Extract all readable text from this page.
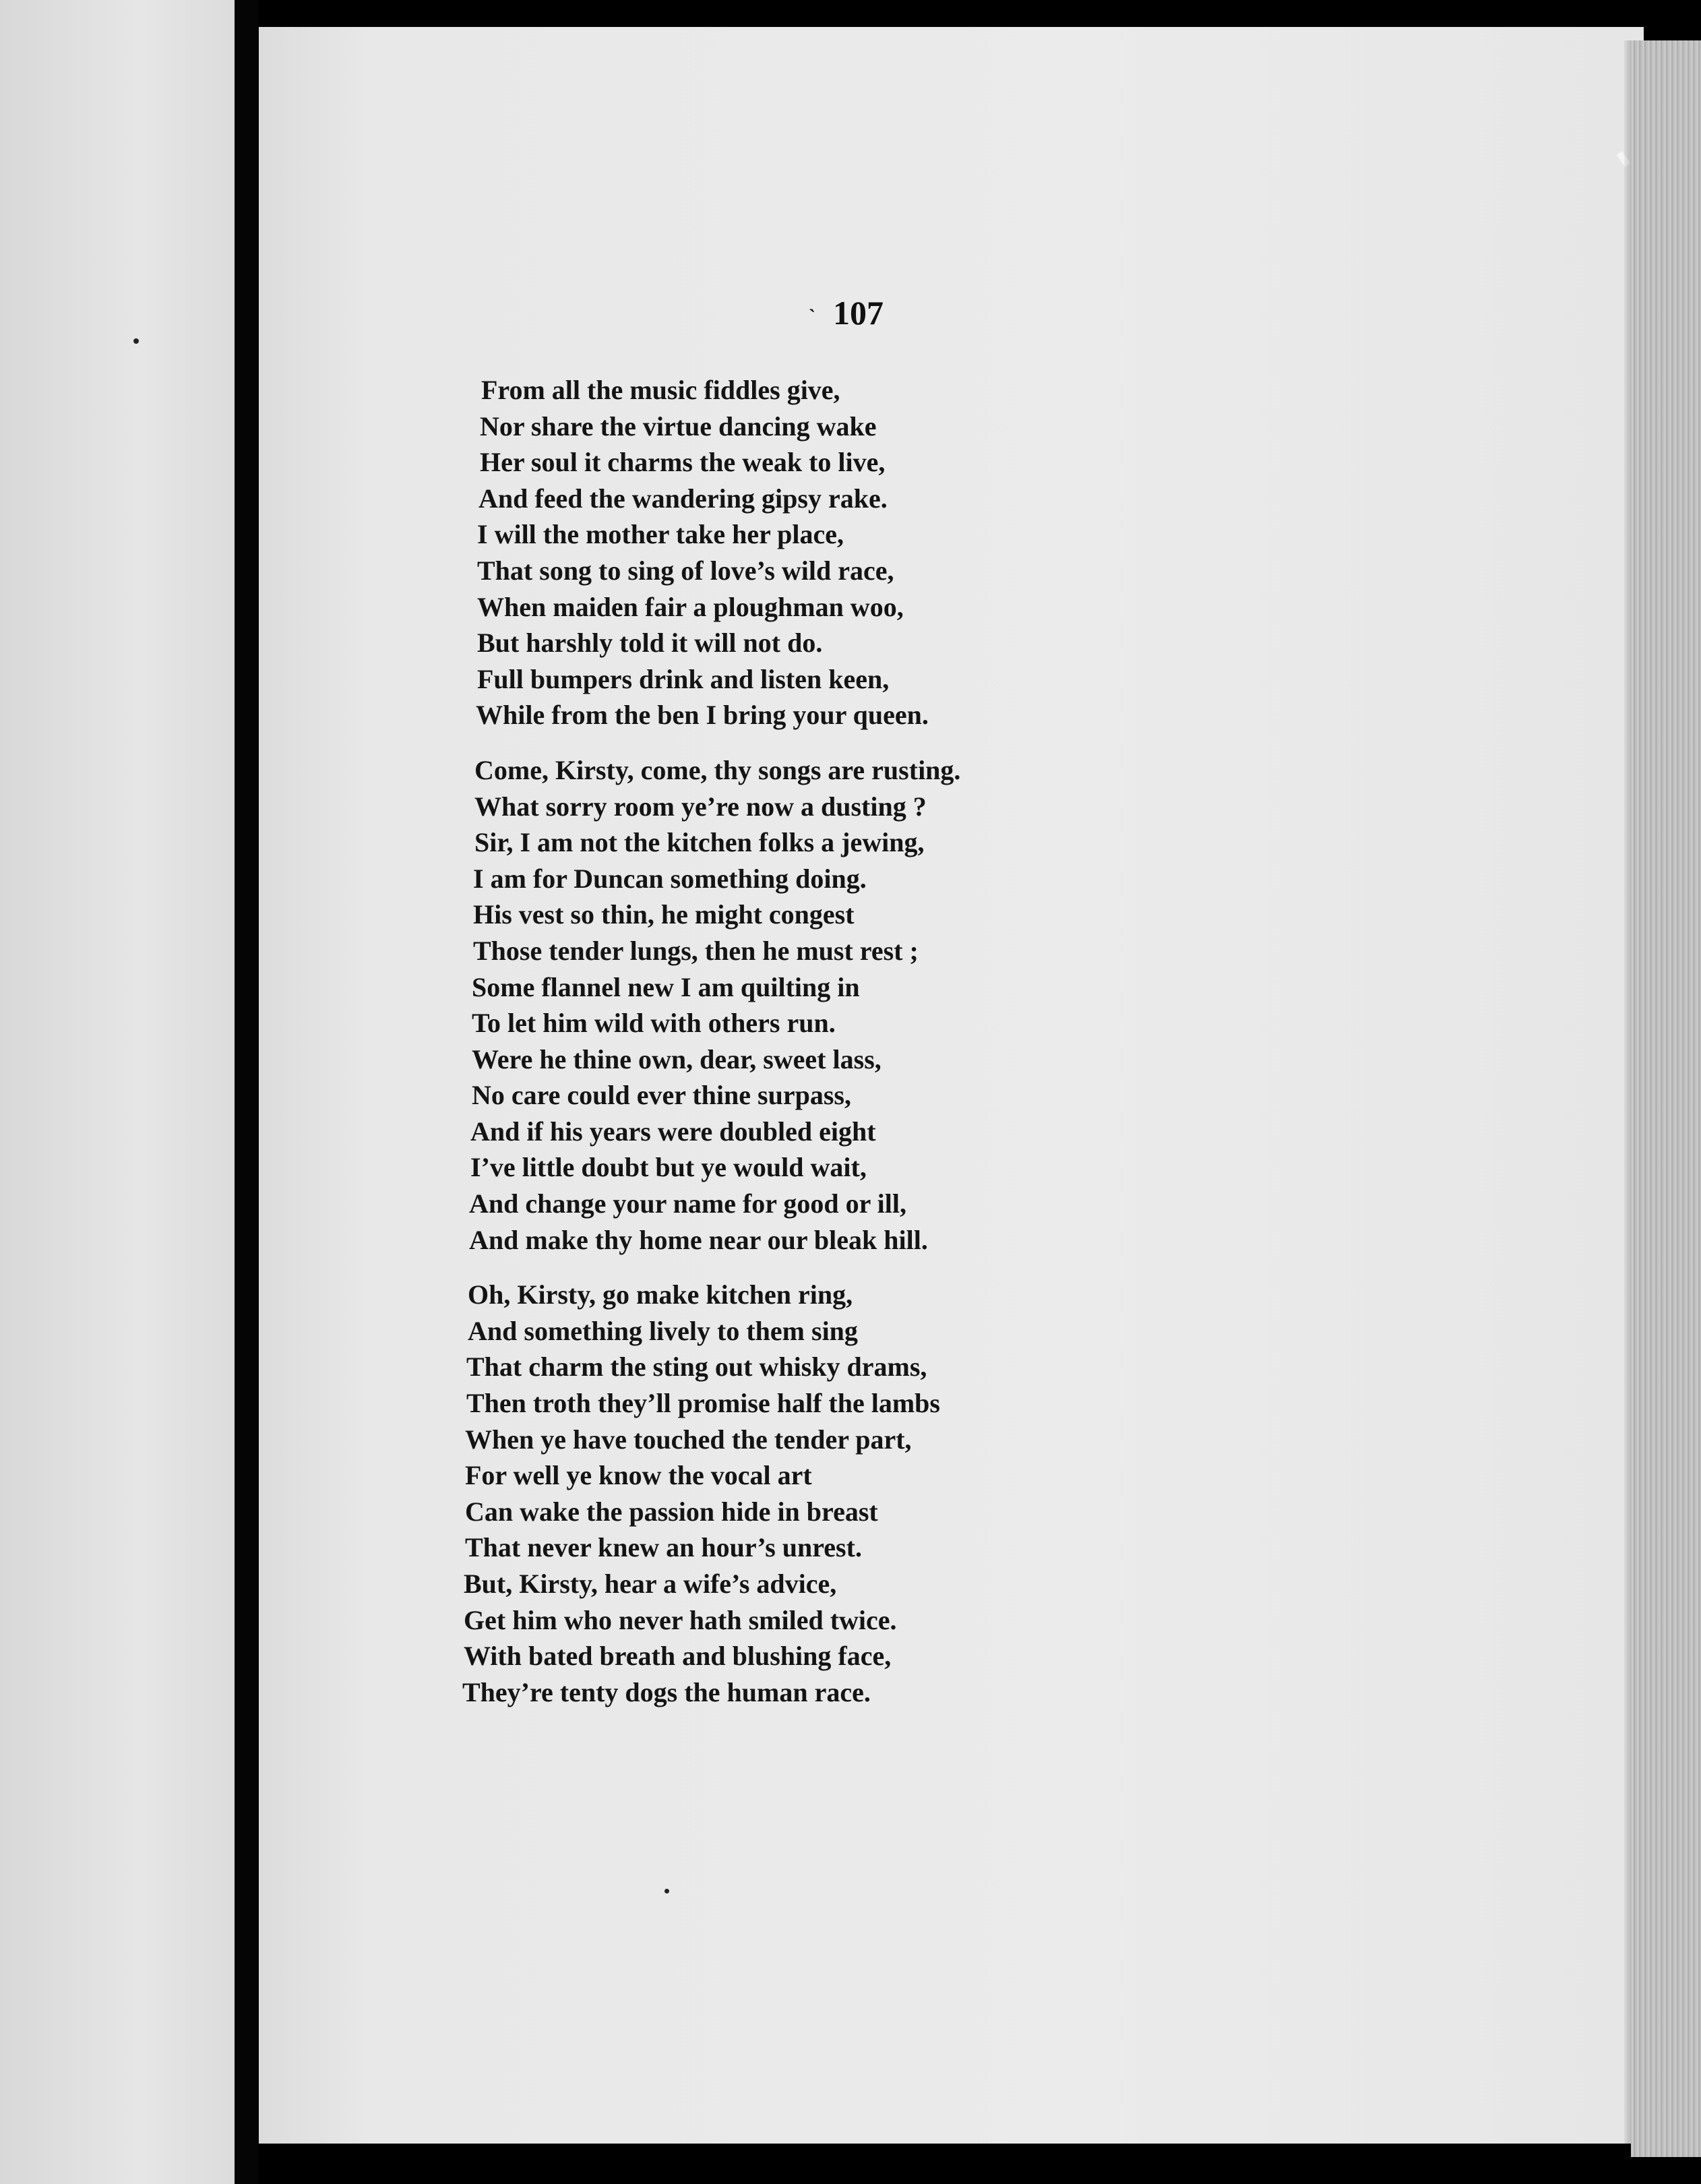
` 107
From all the music fiddles give,
Nor share the virtue dancing wake
Her soul it charms the weak to live,
And feed the wandering gipsy rake.
I will the mother take her place,
That song to sing of love’s wild race,
When maiden fair a ploughman woo,
But harshly told it will not do.
Full bumpers drink and listen keen,
While from the ben I bring your queen.
Come, Kirsty, come, thy songs are rusting.
What sorry room ye’re now a dusting ?
Sir, I am not the kitchen folks a jewing,
I am for Duncan something doing.
His vest so thin, he might congest
Those tender lungs, then he must rest ;
Some flannel new I am quilting in
To let him wild with others run.
Were he thine own, dear, sweet lass,
No care could ever thine surpass,
And if his years were doubled eight
I’ve little doubt but ye would wait,
And change your name for good or ill,
And make thy home near our bleak hill.
Oh, Kirsty, go make kitchen ring,
And something lively to them sing
That charm the sting out whisky drams,
Then troth they’ll promise half the lambs
When ye have touched the tender part,
For well ye know the vocal art
Can wake the passion hide in breast
That never knew an hour’s unrest.
But, Kirsty, hear a wife’s advice,
Get him who never hath smiled twice.
With bated breath and blushing face,
They’re tenty dogs the human race.
